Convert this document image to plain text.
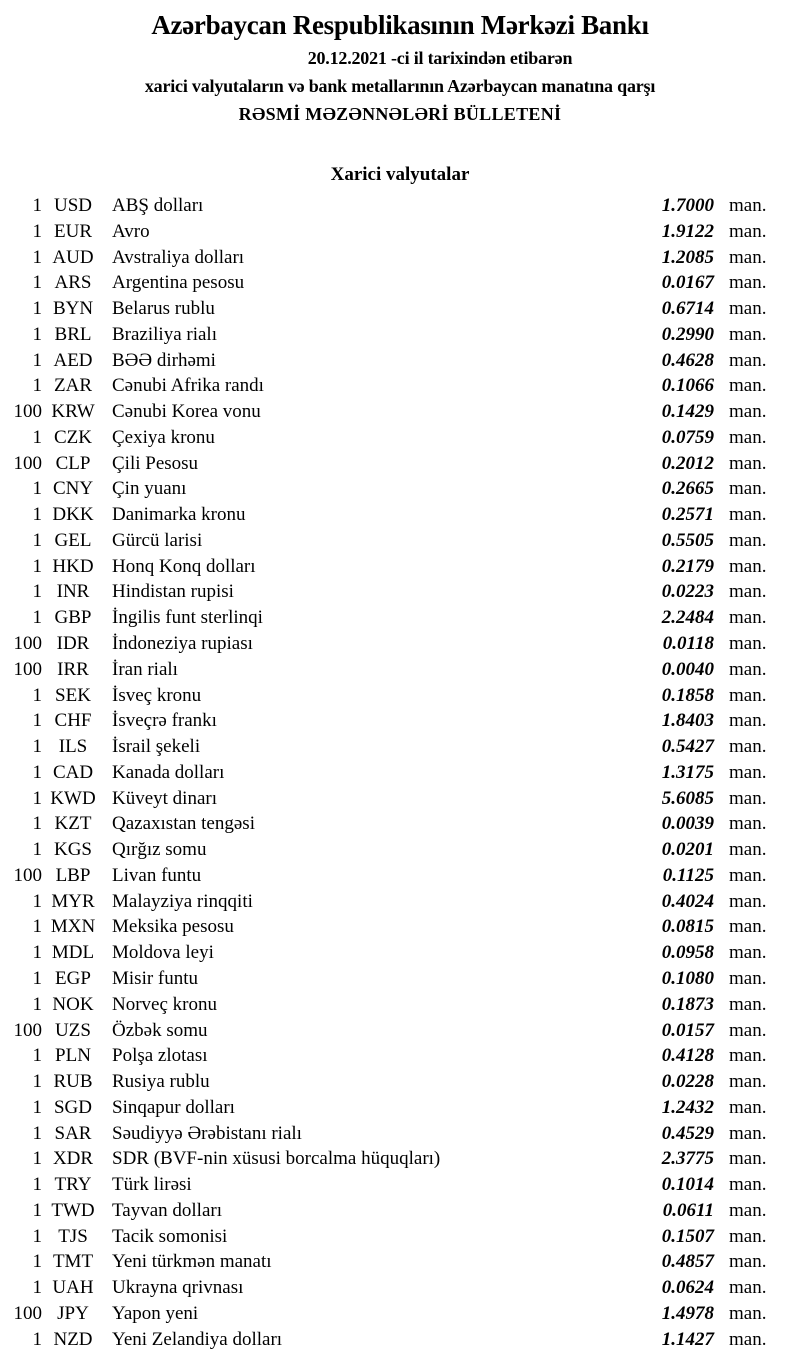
Azərbaycan Respublikasının Mərkəzi Bankı
20.12.2021 -ci il tarixindən etibarən
xarici valyutaların və bank metallarının Azərbaycan manatına qarşı
RƏSMİ MƏZƏNNƏLƏRİ BÜLLETENİ
Xarici valyutalar
1 USD	ABŞ dolları	1.7000 man.
1 EUR	Avro	1.9122 man.
1 AUD Avstraliya dolları	1.2085 man.
1 ARS	Argentina pesosu	0.0167 man.
1 BYN Belarus rublu	0.6714 man.
1 BRL	Braziliya rialı	0.2990 man.
1 AED	BƏƏ dirhəmi	0.4628 man.
1 ZAR	Cənubi Afrika randı	0.1066 man.
100 KRW Cənubi Korea vonu	0.1429 man.
1 CZK	Çexiya kronu	0.0759 man.
100 CLP	Çili Pesosu	0.2012 man.
1 CNY Çin yuanı	0.2665 man.
1 DKK Danimarka kronu	0.2571 man.
1 GEL	Gürcü larisi	0.5505 man.
1 HKD Honq Konq dolları	0.2179 man.
1 INR	Hindistan rupisi	0.0223 man.
1 GBP	İngilis funt sterlinqi	2.2484 man.
100 IDR	İndoneziya rupiası	0.0118 man.
100 IRR	İran rialı	0.0040 man.
1 SEK	İsveç kronu	0.1858 man.
1 CHF	İsveçrə frankı	1.8403 man.
1 ILS	İsrail şekeli	0.5427 man.
1 CAD Kanada dolları	1.3175 man.
1 KWD Küveyt dinarı	5.6085 man.
1 KZT	Qazaxıstan tengəsi	0.0039 man.
1 KGS	Qırğız somu	0.0201 man.
100 LBP	Livan funtu	0.1125 man.
1 MYR Malayziya rinqqiti	0.4024 man.
1 MXN Meksika pesosu	0.0815 man.
1 MDL Moldova leyi	0.0958 man.
1 EGP	Misir funtu	0.1080 man.
1 NOK Norveç kronu	0.1873 man.
100 UZS	Özbək somu	0.0157 man.
1 PLN	Polşa zlotası	0.4128 man.
1 RUB	Rusiya rublu	0.0228 man.
1 SGD	Sinqapur dolları	1.2432 man.
1 SAR	Səudiyyə Ərəbistanı rialı	0.4529 man.
1 XDR SDR (BVF-nin xüsusi borcalma hüquqları)	2.3775 man.
1 TRY	Türk lirəsi	0.1014 man.
1 TWD Tayvan dolları	0.0611 man.
1 TJS	Tacik somonisi	0.1507 man.
1 TMT Yeni türkmən manatı	0.4857 man.
1 UAH Ukrayna qrivnası	0.0624 man.
100 JPY	Yapon yeni	1.4978 man.
1 NZD	Yeni Zelandiya dolları	1.1427 man.
